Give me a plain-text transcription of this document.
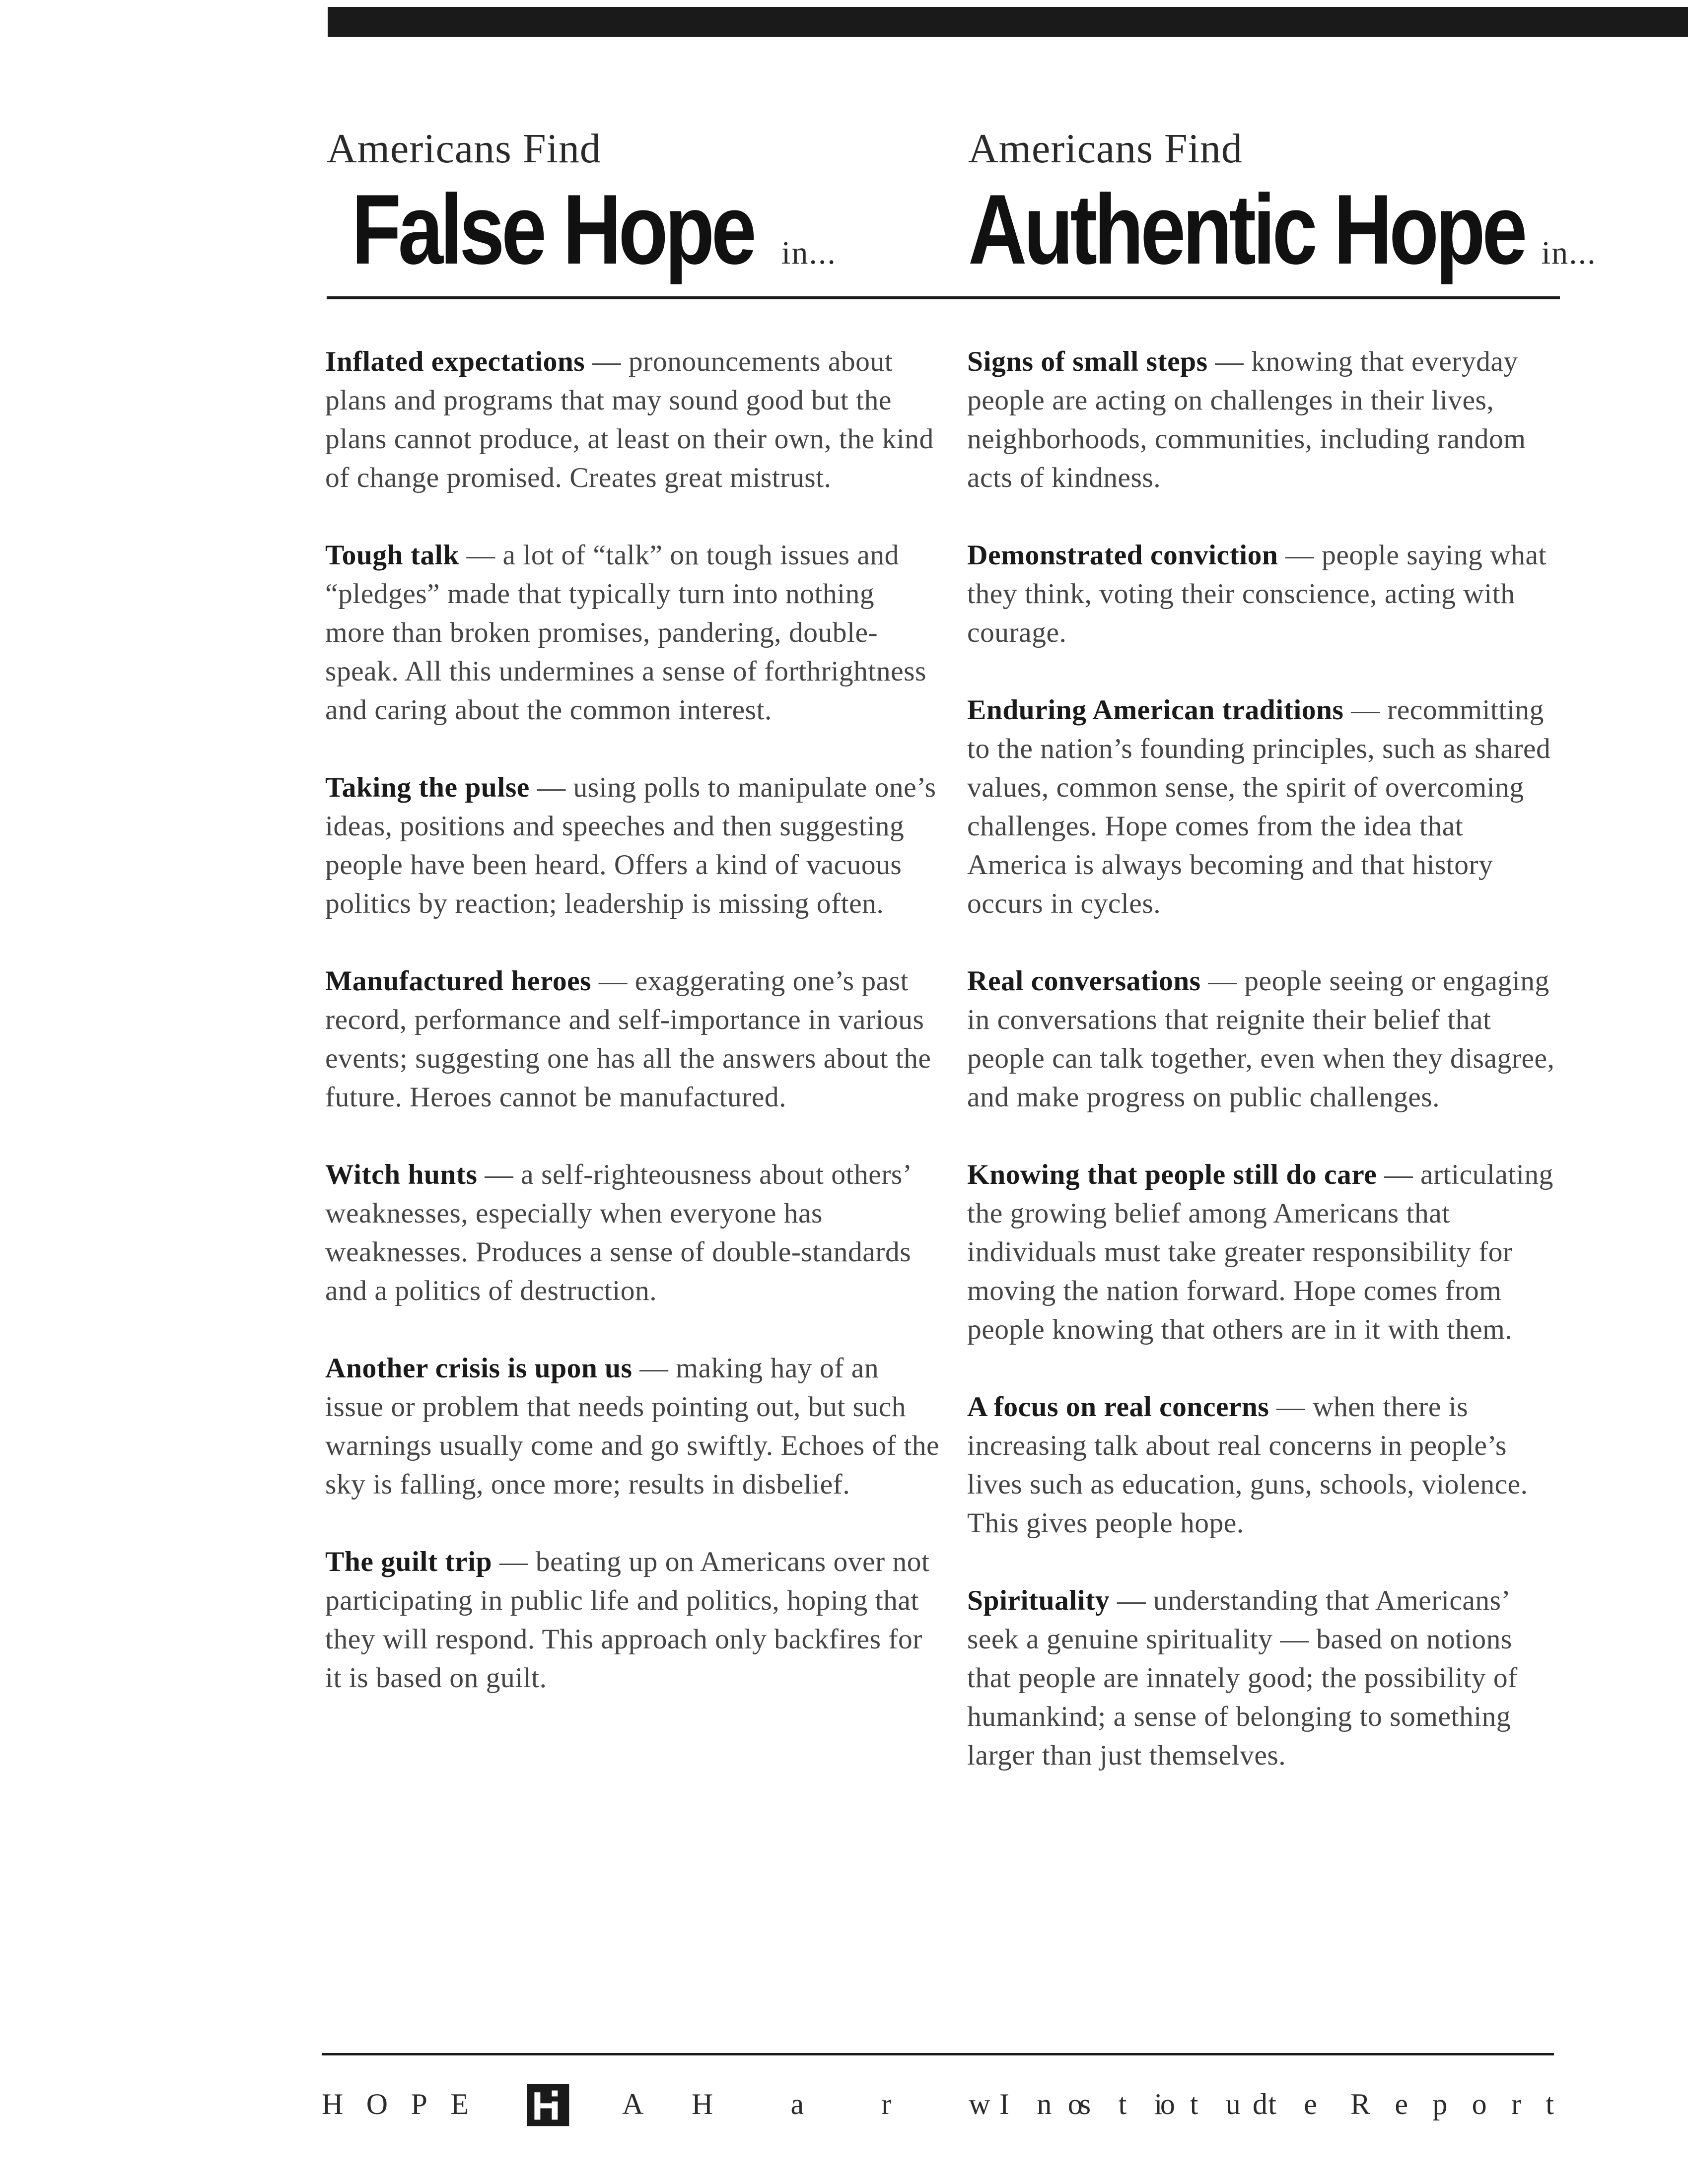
Americans Find
False Hope in...
Americans Find
Authentic Hope in...

Inflated expectations — pronouncements about plans and programs that may sound good but the plans cannot produce, at least on their own, the kind of change promised. Creates great mistrust.

Tough talk — a lot of “talk” on tough issues and “pledges” made that typically turn into nothing more than broken promises, pandering, double-speak. All this undermines a sense of forthrightness and caring about the common interest.

Taking the pulse — using polls to manipulate one’s ideas, positions and speeches and then suggesting people have been heard. Offers a kind of vacuous politics by reaction; leadership is missing often.

Manufactured heroes — exaggerating one’s past record, performance and self-importance in various events; suggesting one has all the answers about the future. Heroes cannot be manufactured.

Witch hunts — a self-righteousness about others’ weaknesses, especially when everyone has weaknesses. Produces a sense of double-standards and a politics of destruction.

Another crisis is upon us — making hay of an issue or problem that needs pointing out, but such warnings usually come and go swiftly. Echoes of the sky is falling, once more; results in disbelief.

The guilt trip — beating up on Americans over not participating in public life and politics, hoping that they will respond. This approach only backfires for it is based on guilt.

Signs of small steps — knowing that everyday people are acting on challenges in their lives, neighborhoods, communities, including random acts of kindness.

Demonstrated conviction — people saying what they think, voting their conscience, acting with courage.

Enduring American traditions — recommitting to the nation’s founding principles, such as shared values, common sense, the spirit of overcoming challenges. Hope comes from the idea that America is always becoming and that history occurs in cycles.

Real conversations — people seeing or engaging in conversations that reignite their belief that people can talk together, even when they disagree, and make progress on public challenges.

Knowing that people still do care — articulating the growing belief among Americans that individuals must take greater responsibility for moving the nation forward. Hope comes from people knowing that others are in it with them.

A focus on real concerns — when there is increasing talk about real concerns in people’s lives such as education, guns, schools, violence. This gives people hope.

Spirituality — understanding that Americans’ seek a genuine spirituality — based on notions that people are innately good; the possibility of humankind; a sense of belonging to something larger than just themselves.

H O P E	A H	a	r	w	o	o	d
I n s t i t u t e R e p o r t
